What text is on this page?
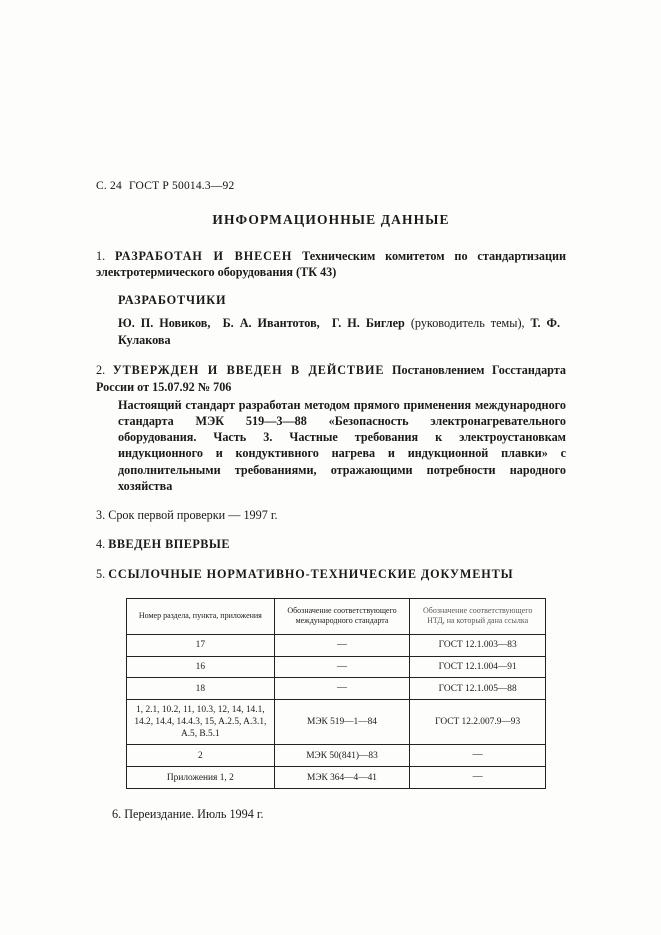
С. 24 ГОСТ Р 50014.3—92
ИНФОРМАЦИОННЫЕ ДАННЫЕ
1. РАЗРАБОТАН И ВНЕСЕН Техническим комитетом по стандартизации электротермического оборудования (ТК 43)
РАЗРАБОТЧИКИ
Ю. П. Новиков, Б. А. Ивантотов, Г. Н. Биглер (руководитель темы), Т. Ф. Кулакова
2. УТВЕРЖДЕН И ВВЕДЕН В ДЕЙСТВИЕ Постановлением Госстандарта России от 15.07.92 № 706
Настоящий стандарт разработан методом прямого применения международного стандарта МЭК 519—3—88 «Безопасность электронагревательного оборудования. Часть 3. Частные требования к электроустановкам индукционного и кондуктивного нагрева и индукционной плавки» с дополнительными требованиями, отражающими потребности народного хозяйства
3. Срок первой проверки — 1997 г.
4. ВВЕДЕН ВПЕРВЫЕ
5. ССЫЛОЧНЫЕ НОРМАТИВНО-ТЕХНИЧЕСКИЕ ДОКУМЕНТЫ
Номер раздела, пункта, приложения	Обозначение соответствующего международного стандарта	Обозначение соответствующего НТД, на который дана ссылка
17	—	ГОСТ 12.1.003—83
16	—	ГОСТ 12.1.004—91
18	—	ГОСТ 12.1.005—88
1, 2.1, 10.2, 11, 10.3, 12, 14, 14.1, 14.2, 14.4, 14.4.3, 15, A.2.5, A.3.1, A.5, B.5.1	МЭК 519—1—84	ГОСТ 12.2.007.9—93
2	МЭК 50(841)—83	—
Приложения 1, 2	МЭК 364—4—41	—
6. Переиздание. Июль 1994 г.
